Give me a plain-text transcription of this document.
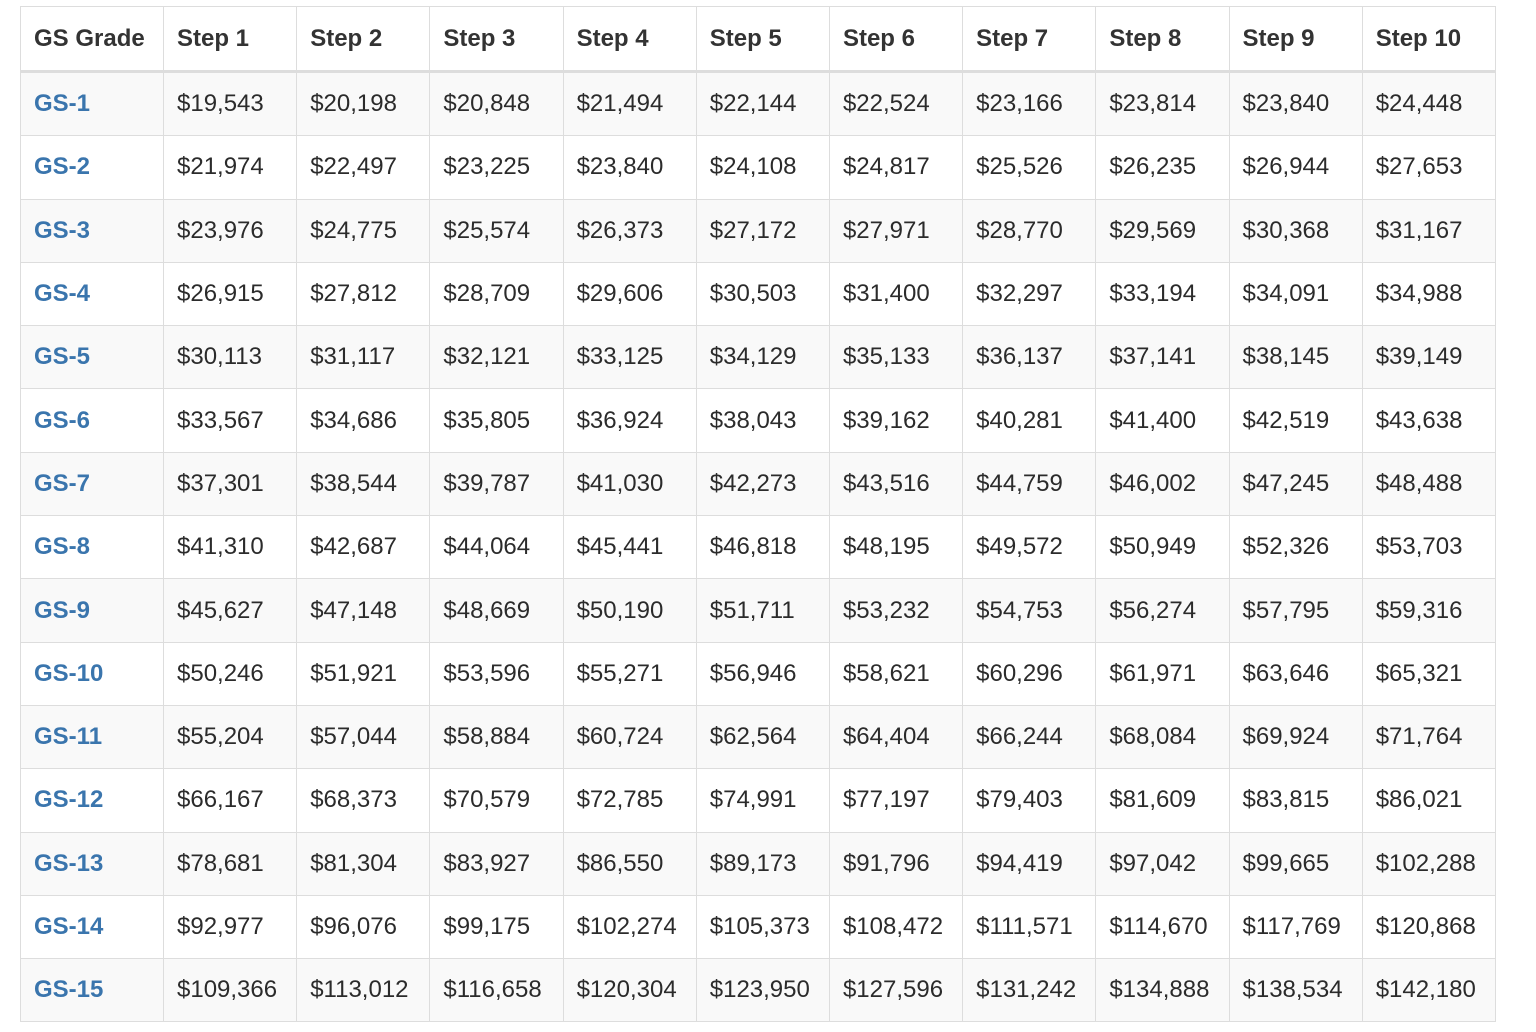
GS Grade	Step 1	Step 2	Step 3	Step 4	Step 5	Step 6	Step 7	Step 8	Step 9	Step 10
GS-1	$19,543	$20,198	$20,848	$21,494	$22,144	$22,524	$23,166	$23,814	$23,840	$24,448
GS-2	$21,974	$22,497	$23,225	$23,840	$24,108	$24,817	$25,526	$26,235	$26,944	$27,653
GS-3	$23,976	$24,775	$25,574	$26,373	$27,172	$27,971	$28,770	$29,569	$30,368	$31,167
GS-4	$26,915	$27,812	$28,709	$29,606	$30,503	$31,400	$32,297	$33,194	$34,091	$34,988
GS-5	$30,113	$31,117	$32,121	$33,125	$34,129	$35,133	$36,137	$37,141	$38,145	$39,149
GS-6	$33,567	$34,686	$35,805	$36,924	$38,043	$39,162	$40,281	$41,400	$42,519	$43,638
GS-7	$37,301	$38,544	$39,787	$41,030	$42,273	$43,516	$44,759	$46,002	$47,245	$48,488
GS-8	$41,310	$42,687	$44,064	$45,441	$46,818	$48,195	$49,572	$50,949	$52,326	$53,703
GS-9	$45,627	$47,148	$48,669	$50,190	$51,711	$53,232	$54,753	$56,274	$57,795	$59,316
GS-10	$50,246	$51,921	$53,596	$55,271	$56,946	$58,621	$60,296	$61,971	$63,646	$65,321
GS-11	$55,204	$57,044	$58,884	$60,724	$62,564	$64,404	$66,244	$68,084	$69,924	$71,764
GS-12	$66,167	$68,373	$70,579	$72,785	$74,991	$77,197	$79,403	$81,609	$83,815	$86,021
GS-13	$78,681	$81,304	$83,927	$86,550	$89,173	$91,796	$94,419	$97,042	$99,665	$102,288
GS-14	$92,977	$96,076	$99,175	$102,274	$105,373	$108,472	$111,571	$114,670	$117,769	$120,868
GS-15	$109,366	$113,012	$116,658	$120,304	$123,950	$127,596	$131,242	$134,888	$138,534	$142,180
